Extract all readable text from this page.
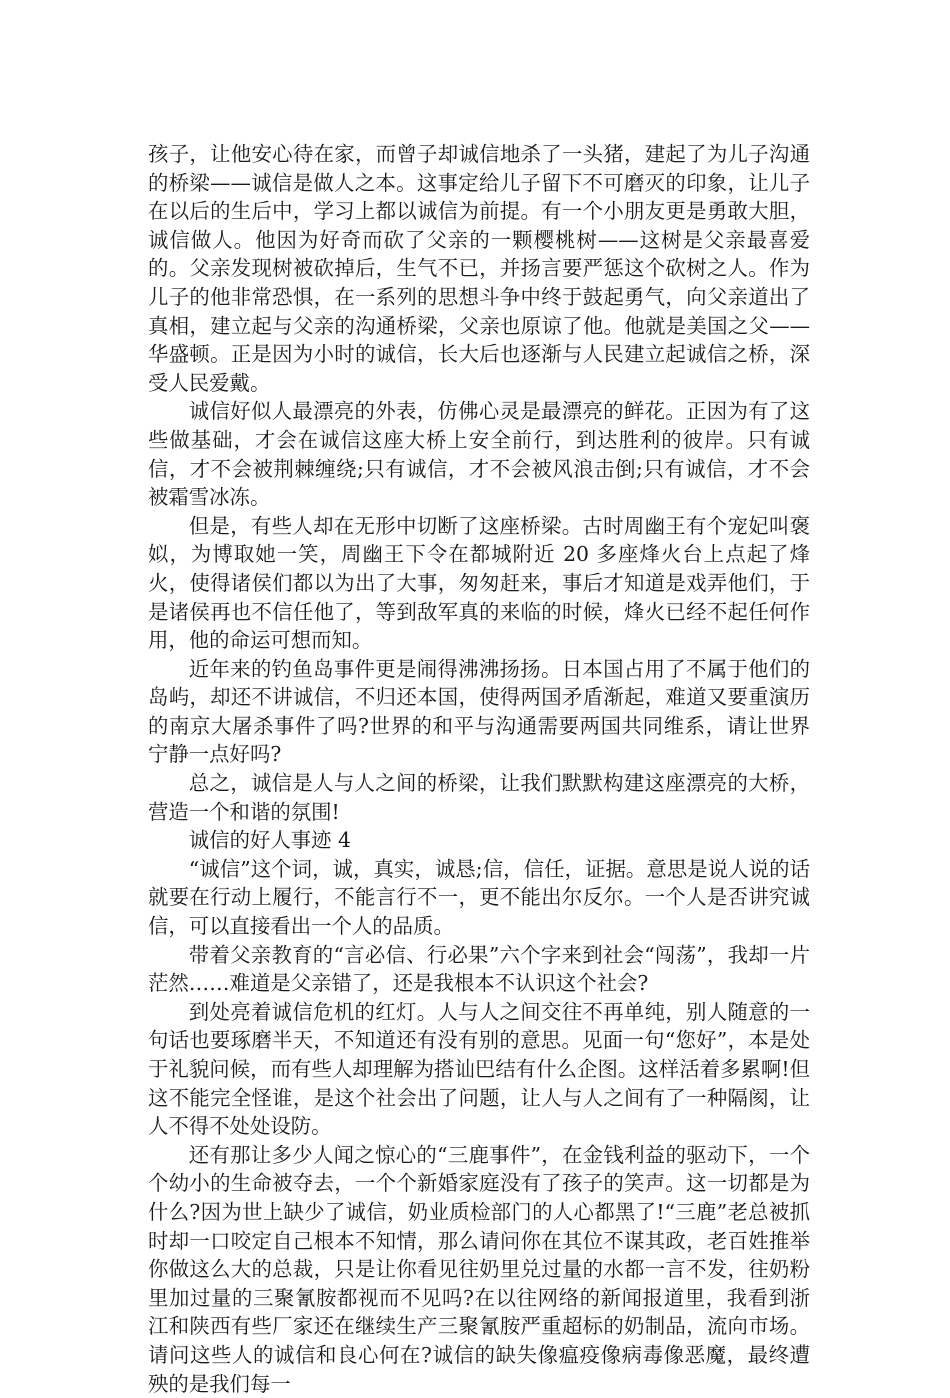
孩子，让他安心待在家，而曾子却诚信地杀了一头猪，建起了为儿子沟通的桥梁——诚信是做人之本。这事定给儿子留下不可磨灭的印象，让儿子在以后的生后中，学习上都以诚信为前提。有一个小朋友更是勇敢大胆，诚信做人。他因为好奇而砍了父亲的一颗樱桃树——这树是父亲最喜爱的。父亲发现树被砍掉后，生气不已，并扬言要严惩这个砍树之人。作为儿子的他非常恐惧，在一系列的思想斗争中终于鼓起勇气，向父亲道出了真相，建立起与父亲的沟通桥梁，父亲也原谅了他。他就是美国之父——华盛顿。正是因为小时的诚信，长大后也逐渐与人民建立起诚信之桥，深受人民爱戴。

诚信好似人最漂亮的外表，仿佛心灵是最漂亮的鲜花。正因为有了这些做基础，才会在诚信这座大桥上安全前行，到达胜利的彼岸。只有诚信，才不会被荆棘缠绕;只有诚信，才不会被风浪击倒;只有诚信，才不会被霜雪冰冻。

但是，有些人却在无形中切断了这座桥梁。古时周幽王有个宠妃叫褒姒，为博取她一笑，周幽王下令在都城附近 20 多座烽火台上点起了烽火，使得诸侯们都以为出了大事，匆匆赶来，事后才知道是戏弄他们，于是诸侯再也不信任他了，等到敌军真的来临的时候，烽火已经不起任何作用，他的命运可想而知。

近年来的钓鱼岛事件更是闹得沸沸扬扬。日本国占用了不属于他们的岛屿，却还不讲诚信，不归还本国，使得两国矛盾渐起，难道又要重演历的南京大屠杀事件了吗?世界的和平与沟通需要两国共同维系，请让世界宁静一点好吗?

总之，诚信是人与人之间的桥梁，让我们默默构建这座漂亮的大桥，营造一个和谐的氛围!

诚信的好人事迹 4

“诚信”这个词，诚，真实，诚恳;信，信任，证据。意思是说人说的话就要在行动上履行，不能言行不一，更不能出尔反尔。一个人是否讲究诚信，可以直接看出一个人的品质。

带着父亲教育的“言必信、行必果”六个字来到社会“闯荡”，我却一片茫然……难道是父亲错了，还是我根本不认识这个社会?

到处亮着诚信危机的红灯。人与人之间交往不再单纯，别人随意的一句话也要琢磨半天，不知道还有没有别的意思。见面一句“您好”，本是处于礼貌问候，而有些人却理解为搭讪巴结有什么企图。这样活着多累啊!但这不能完全怪谁，是这个社会出了问题，让人与人之间有了一种隔阂，让人不得不处处设防。

还有那让多少人闻之惊心的“三鹿事件”，在金钱利益的驱动下，一个个幼小的生命被夺去，一个个新婚家庭没有了孩子的笑声。这一切都是为什么?因为世上缺少了诚信，奶业质检部门的人心都黑了!“三鹿”老总被抓时却一口咬定自己根本不知情，那么请问你在其位不谋其政，老百姓推举你做这么大的总裁，只是让你看见往奶里兑过量的水都一言不发，往奶粉里加过量的三聚氰胺都视而不见吗?在以往网络的新闻报道里，我看到浙江和陕西有些厂家还在继续生产三聚氰胺严重超标的奶制品，流向市场。请问这些人的诚信和良心何在?诚信的缺失像瘟疫像病毒像恶魔，最终遭殃的是我们每一
